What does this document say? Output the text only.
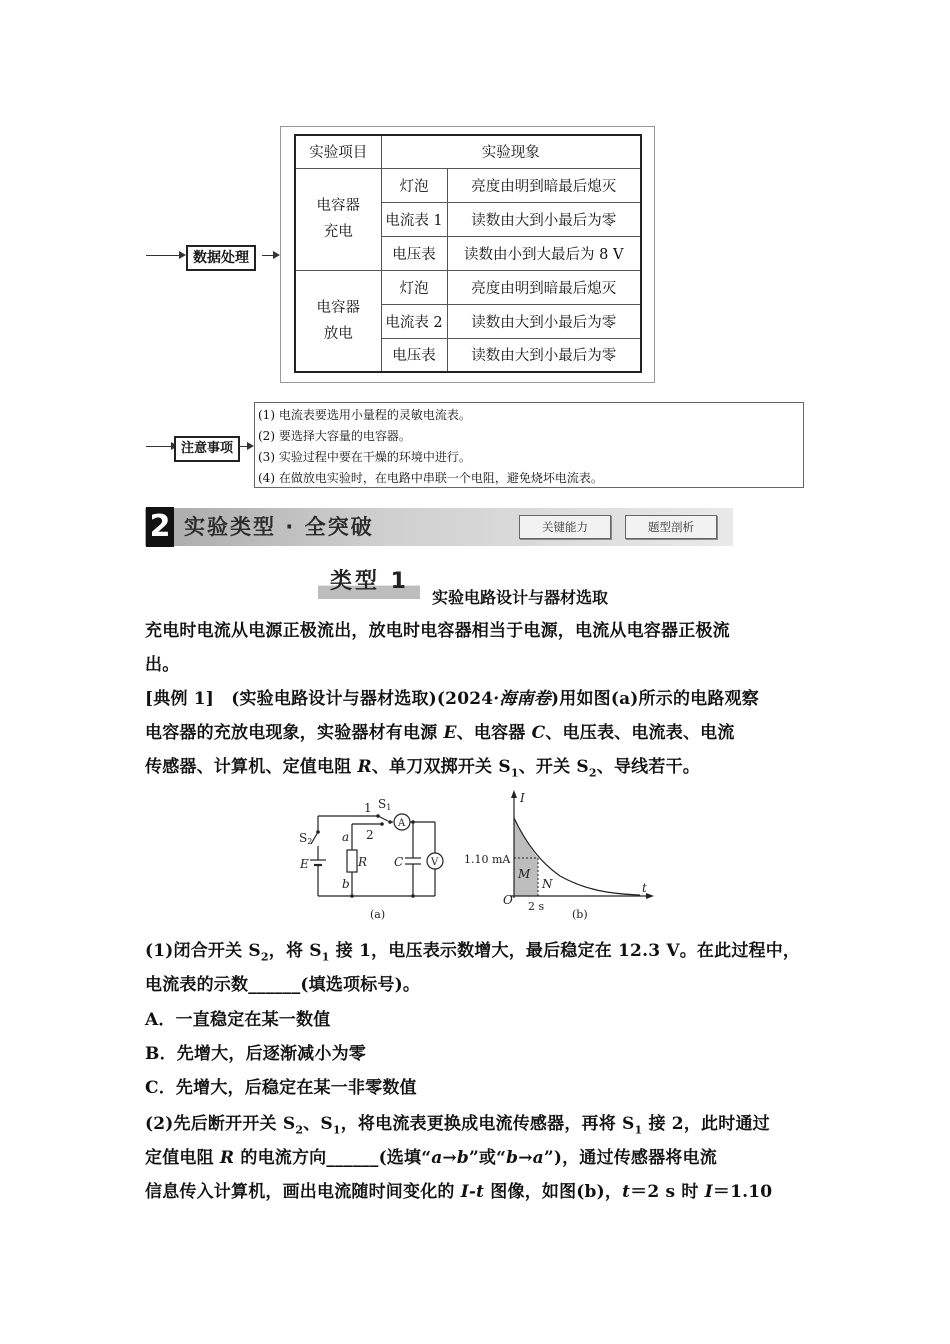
数据处理
实验项目	实验现象	
电容器
充电	灯泡	亮度由明到暗最后熄灭
	电流表 1	读数由大到小最后为零
	电压表	读数由小到大最后为 8 V
电容器
放电	灯泡	亮度由明到暗最后熄灭
	电流表 2	读数由大到小最后为零
	电压表	读数由大到小最后为零
注意事项
(1) 电流表要选用小量程的灵敏电流表。
(2) 要选择大容量的电容器。
(3) 实验过程中要在干燥的环境中进行。
(4) 在做放电实验时，在电路中串联一个电阻，避免烧坏电流表。
2 实验类型 · 全突破	关键能力	题型剖析
类型 1
实验电路设计与器材选取
充电时电流从电源正极流出，放电时电容器相当于电源，电流从电容器正极流
出。
[典例 1]　(实验电路设计与器材选取)(2024·海南卷)用如图(a)所示的电路观察
电容器的充放电现象，实验器材有电源 E、电容器 C、电压表、电流表、电流
传感器、计算机、定值电阻 R、单刀双掷开关 $S_1$、开关 $S_2$、导线若干。
1 S1
2
a
b
R
E	C
S2
A
V
(a)
I
t
O
1.10 mA
2 s
M
N
(b)
(1)闭合开关 $S_2$，将 $S_1$ 接 1，电压表示数增大，最后稳定在 12.3 V。在此过程中，
电流表的示数______(填选项标号)。
A．一直稳定在某一数值
B．先增大，后逐渐减小为零
C．先增大，后稳定在某一非零数值
(2)先后断开开关 $S_2$、$S_1$，将电流表更换成电流传感器，再将 $S_1$ 接 2，此时通过
定值电阻 R 的电流方向______(选填“a→b”或“b→a”)，通过传感器将电流
信息传入计算机，画出电流随时间变化的 I-t 图像，如图(b)，t＝2 s 时 I＝1.10
